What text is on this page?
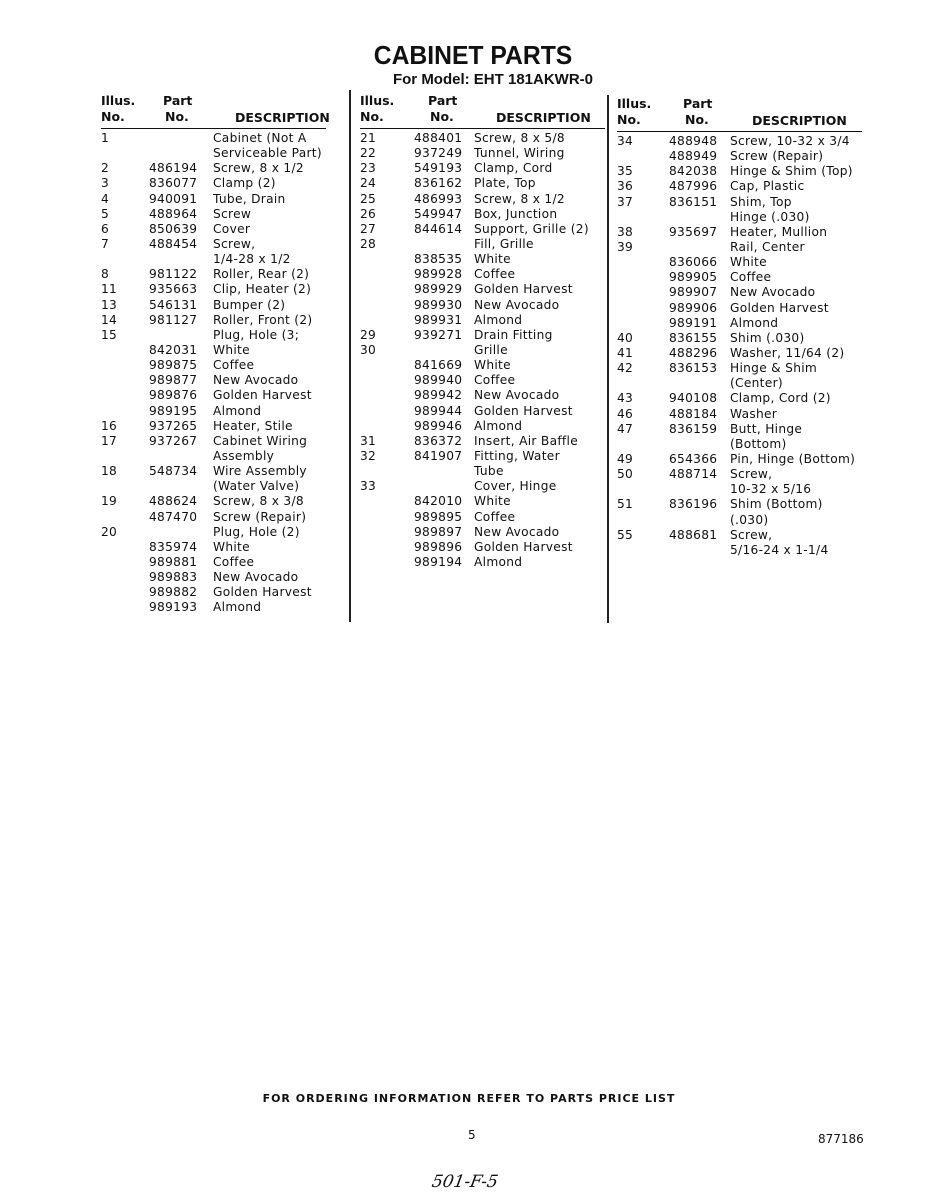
CABINET PARTS
For Model: EHT 181AKWR-0
Illus.
No.
Part
No.	DESCRIPTION
1	Cabinet (Not A
Serviceable Part)
2	486194 Screw, 8 x 1/2
3	836077 Clamp (2)
4	940091 Tube, Drain
5	488964 Screw
6	850639 Cover
7	488454 Screw,
1/4-28 x 1/2
8	981122 Roller, Rear (2)
11	935663 Clip, Heater (2)
13	546131 Bumper (2)
14	981127 Roller, Front (2)
15	Plug, Hole (3;
842031 White
989875 Coffee
989877 New Avocado
989876 Golden Harvest
989195 Almond
16	937265 Heater, Stile
17	937267 Cabinet Wiring
Assembly
18	548734 Wire Assembly
(Water Valve)
19	488624 Screw, 8 x 3/8
487470 Screw (Repair)
20	Plug, Hole (2)
835974 White
989881 Coffee
989883 New Avocado
989882 Golden Harvest
989193 Almond
Illus.
No.
Part
No.	DESCRIPTION
21	488401 Screw, 8 x 5/8
22	937249 Tunnel, Wiring
23	549193 Clamp, Cord
24	836162 Plate, Top
25	486993 Screw, 8 x 1/2
26	549947 Box, Junction
27	844614 Support, Grille (2)
28	Fill, Grille
838535 White
989928 Coffee
989929 Golden Harvest
989930 New Avocado
989931 Almond
29	939271 Drain Fitting
30	Grille
841669 White
989940 Coffee
989942 New Avocado
989944 Golden Harvest
989946 Almond
31	836372 Insert, Air Baffle
32	841907 Fitting, Water
Tube
33	Cover, Hinge
842010 White
989895 Coffee
989897 New Avocado
989896 Golden Harvest
989194 Almond
Illus.
No.
Part
No.	DESCRIPTION
34	488948 Screw, 10-32 x 3/4
488949 Screw (Repair)
35	842038 Hinge & Shim (Top)
36	487996 Cap, Plastic
37	836151 Shim, Top
Hinge (.030)
38	935697 Heater, Mullion
39	Rail, Center
836066 White
989905 Coffee
989907 New Avocado
989906 Golden Harvest
989191 Almond
40	836155 Shim (.030)
41	488296 Washer, 11/64 (2)
42	836153 Hinge & Shim
(Center)
43	940108 Clamp, Cord (2)
46	488184 Washer
47	836159 Butt, Hinge
(Bottom)
49	654366 Pin, Hinge (Bottom)
50	488714 Screw,
10-32 x 5/16
51	836196 Shim (Bottom)
(.030)
55	488681 Screw,
5/16-24 x 1-1/4
FOR ORDERING INFORMATION REFER TO PARTS PRICE LIST
5	877186
501-F-5
